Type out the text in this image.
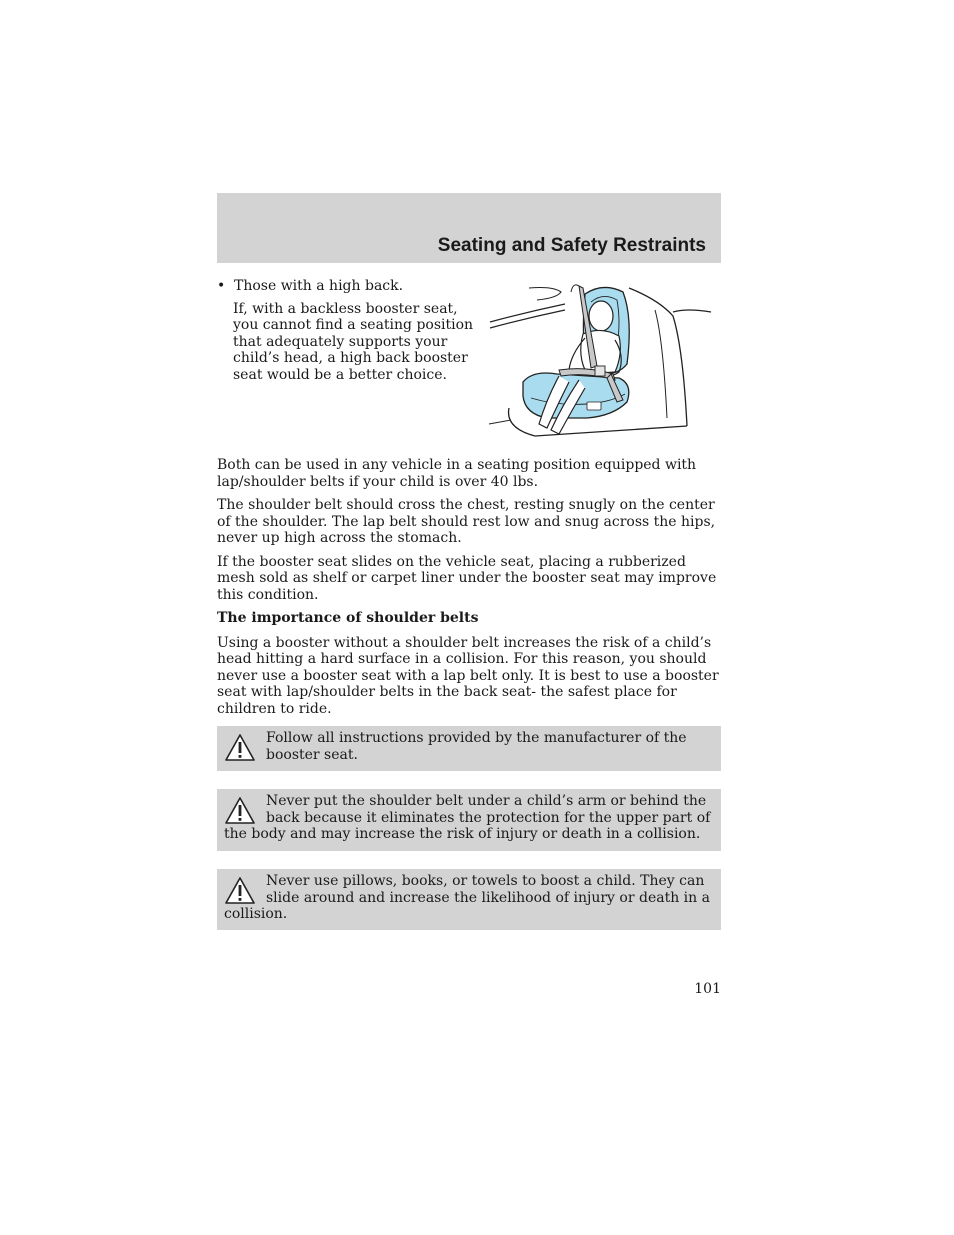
Seating and Safety Restraints
• Those with a high back.
If, with a backless booster seat, you cannot find a seating position that adequately supports your child’s head, a high back booster seat would be a better choice.

Both can be used in any vehicle in a seating position equipped with lap/shoulder belts if your child is over 40 lbs.

The shoulder belt should cross the chest, resting snugly on the center of the shoulder. The lap belt should rest low and snug across the hips, never up high across the stomach.

If the booster seat slides on the vehicle seat, placing a rubberized mesh sold as shelf or carpet liner under the booster seat may improve this condition.

The importance of shoulder belts

Using a booster without a shoulder belt increases the risk of a child’s head hitting a hard surface in a collision. For this reason, you should never use a booster seat with a lap belt only. It is best to use a booster seat with lap/shoulder belts in the back seat- the safest place for children to ride.

Follow all instructions provided by the manufacturer of the booster seat.
Never put the shoulder belt under a child’s arm or behind the back because it eliminates the protection for the upper part of the body and may increase the risk of injury or death in a collision.
Never use pillows, books, or towels to boost a child. They can slide around and increase the likelihood of injury or death in a collision.
101
